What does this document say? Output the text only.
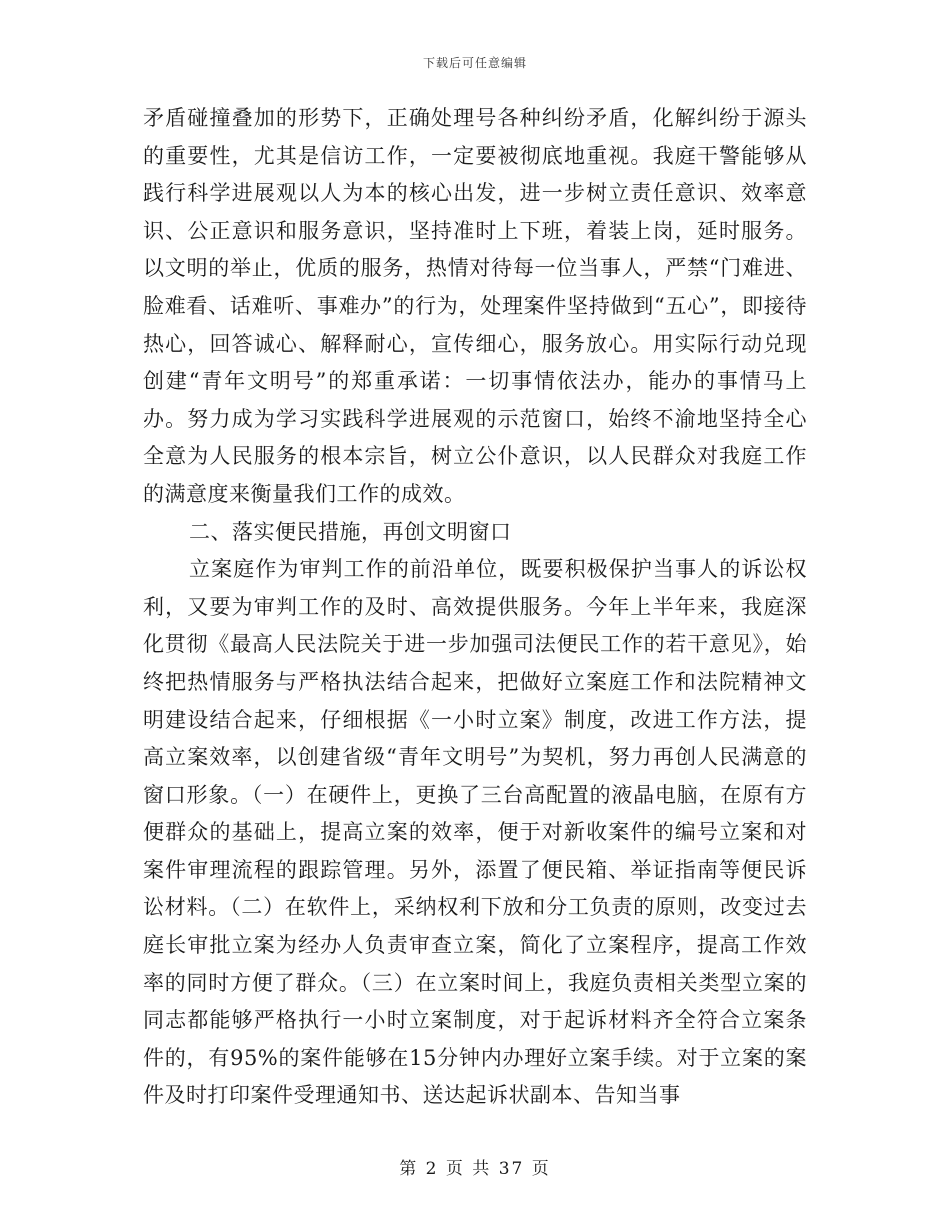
下载后可任意编辑

矛盾碰撞叠加的形势下，正确处理号各种纠纷矛盾，化解纠纷于源头的重要性，尤其是信访工作，一定要被彻底地重视。我庭干警能够从践行科学进展观以人为本的核心出发，进一步树立责任意识、效率意识、公正意识和服务意识，坚持准时上下班，着装上岗，延时服务。以文明的举止，优质的服务，热情对待每一位当事人，严禁“门难进、脸难看、话难听、事难办”的行为，处理案件坚持做到“五心”，即接待热心，回答诚心、解释耐心，宣传细心，服务放心。用实际行动兑现创建“青年文明号”的郑重承诺：一切事情依法办，能办的事情马上办。努力成为学习实践科学进展观的示范窗口，始终不渝地坚持全心全意为人民服务的根本宗旨，树立公仆意识，以人民群众对我庭工作的满意度来衡量我们工作的成效。

二、落实便民措施，再创文明窗口

立案庭作为审判工作的前沿单位，既要积极保护当事人的诉讼权利，又要为审判工作的及时、高效提供服务。今年上半年来，我庭深化贯彻《最高人民法院关于进一步加强司法便民工作的若干意见》，始终把热情服务与严格执法结合起来，把做好立案庭工作和法院精神文明建设结合起来，仔细根据《一小时立案》制度，改进工作方法，提高立案效率，以创建省级“青年文明号”为契机，努力再创人民满意的窗口形象。（一）在硬件上，更换了三台高配置的液晶电脑，在原有方便群众的基础上，提高立案的效率，便于对新收案件的编号立案和对案件审理流程的跟踪管理。另外，添置了便民箱、举证指南等便民诉讼材料。（二）在软件上，采纳权利下放和分工负责的原则，改变过去庭长审批立案为经办人负责审查立案，简化了立案程序，提高工作效率的同时方便了群众。（三）在立案时间上，我庭负责相关类型立案的同志都能够严格执行一小时立案制度，对于起诉材料齐全符合立案条件的，有95%的案件能够在15分钟内办理好立案手续。对于立案的案件及时打印案件受理通知书、送达起诉状副本、告知当事

第 2 页 共 37 页
